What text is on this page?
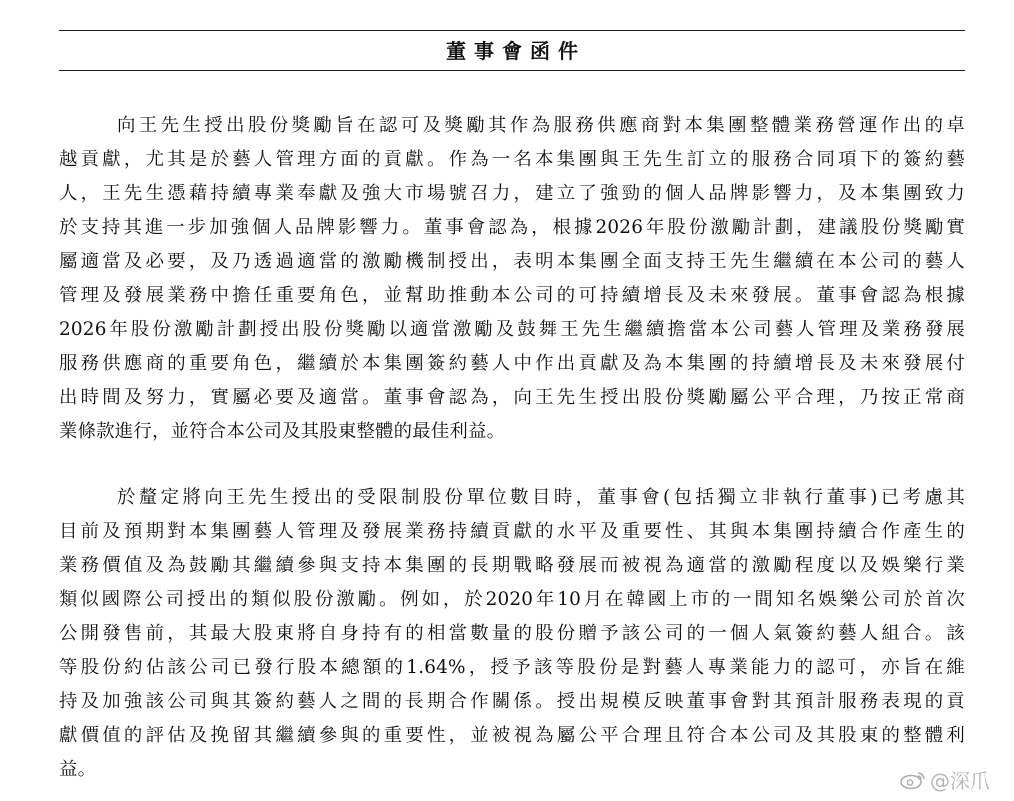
董事會函件
向王先生授出股份獎勵旨在認可及獎勵其作為服務供應商對本集團整體業務營運作出的卓
越貢獻，尤其是於藝人管理方面的貢獻。作為一名本集團與王先生訂立的服務合同項下的簽約藝
人，王先生憑藉持續專業奉獻及強大市場號召力，建立了強勁的個人品牌影響力，及本集團致力
於支持其進一步加強個人品牌影響力。董事會認為，根據2026年股份激勵計劃，建議股份獎勵實
屬適當及必要，及乃透過適當的激勵機制授出，表明本集團全面支持王先生繼續在本公司的藝人
管理及發展業務中擔任重要角色，並幫助推動本公司的可持續增長及未來發展。董事會認為根據
2026年股份激勵計劃授出股份獎勵以適當激勵及鼓舞王先生繼續擔當本公司藝人管理及業務發展
服務供應商的重要角色，繼續於本集團簽約藝人中作出貢獻及為本集團的持續增長及未來發展付
出時間及努力，實屬必要及適當。董事會認為，向王先生授出股份獎勵屬公平合理，乃按正常商
業條款進行，並符合本公司及其股東整體的最佳利益。
於釐定將向王先生授出的受限制股份單位數目時，董事會(包括獨立非執行董事)已考慮其
目前及預期對本集團藝人管理及發展業務持續貢獻的水平及重要性、其與本集團持續合作產生的
業務價值及為鼓勵其繼續參與支持本集團的長期戰略發展而被視為適當的激勵程度以及娛樂行業
類似國際公司授出的類似股份激勵。例如，於2020年10月在韓國上市的一間知名娛樂公司於首次
公開發售前，其最大股東將自身持有的相當數量的股份贈予該公司的一個人氣簽約藝人組合。該
等股份約佔該公司已發行股本總額的1.64%，授予該等股份是對藝人專業能力的認可，亦旨在維
持及加強該公司與其簽約藝人之間的長期合作關係。授出規模反映董事會對其預計服務表現的貢
獻價值的評估及挽留其繼續參與的重要性，並被視為屬公平合理且符合本公司及其股東的整體利
益。	@深爪
